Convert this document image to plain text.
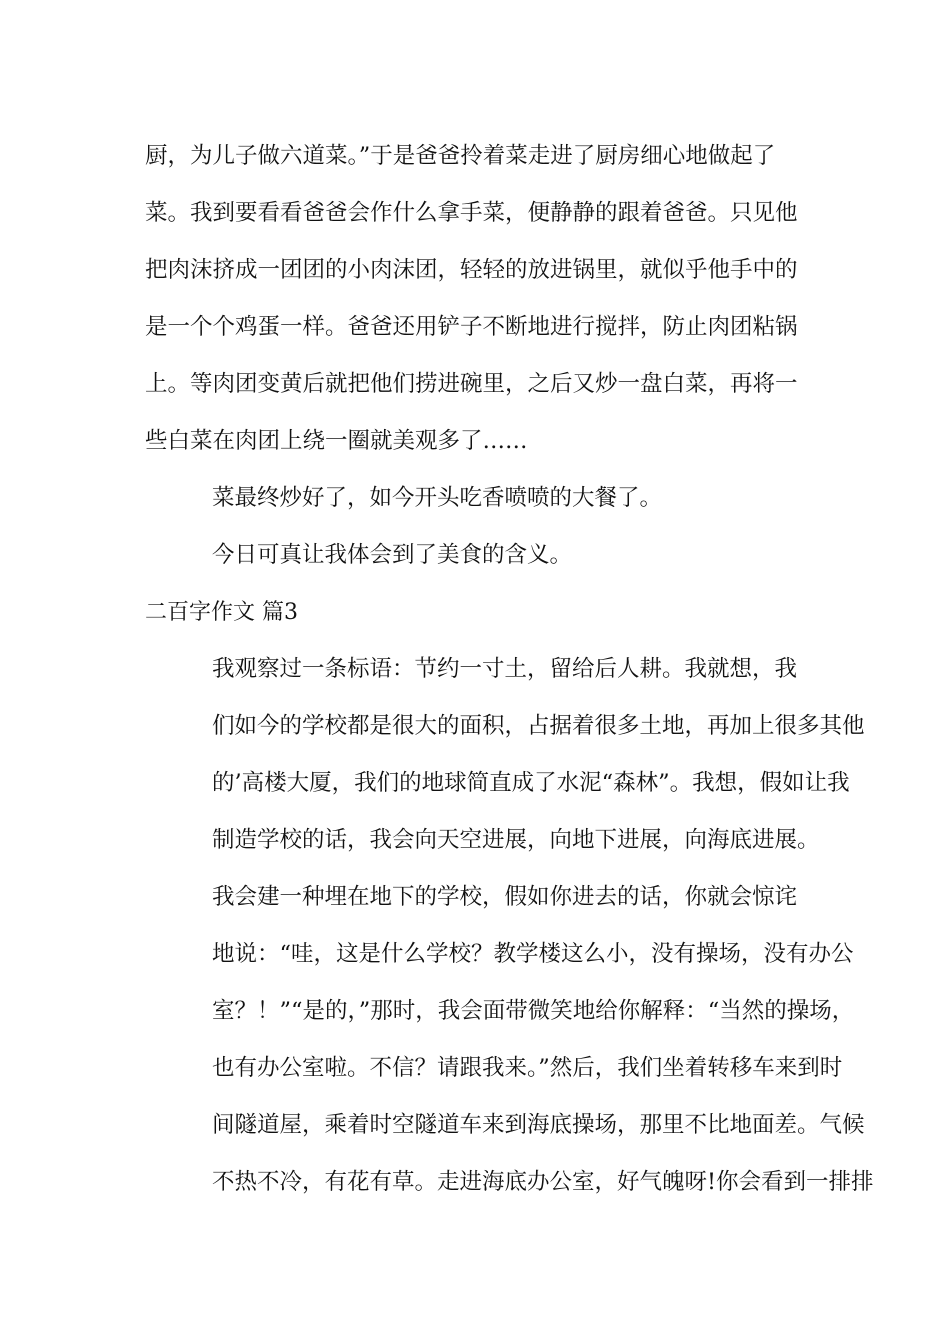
厨，为儿子做六道菜。”于是爸爸拎着菜走进了厨房细心地做起了
菜。我到要看看爸爸会作什么拿手菜，便静静的跟着爸爸。只见他
把肉沫挤成一团团的小肉沫团，轻轻的放进锅里，就似乎他手中的
是一个个鸡蛋一样。爸爸还用铲子不断地进行搅拌，防止肉团粘锅
上。等肉团变黄后就把他们捞进碗里，之后又炒一盘白菜，再将一
些白菜在肉团上绕一圈就美观多了……

菜最终炒好了，如今开头吃香喷喷的大餐了。

今日可真让我体会到了美食的含义。

二百字作文 篇3

我观察过一条标语：节约一寸土，留给后人耕。我就想，我
们如今的学校都是很大的面积，占据着很多土地，再加上很多其他
的’高楼大厦，我们的地球简直成了水泥“森林”。我想，假如让我
制造学校的话，我会向天空进展，向地下进展，向海底进展。

我会建一种埋在地下的学校，假如你进去的话，你就会惊诧
地说：“哇，这是什么学校？教学楼这么小，没有操场，没有办公
室？！”“是的，”那时，我会面带微笑地给你解释：“当然的操场，
也有办公室啦。不信？请跟我来。”然后，我们坐着转移车来到时
间隧道屋，乘着时空隧道车来到海底操场，那里不比地面差。气候
不热不冷，有花有草。走进海底办公室，好气魄呀!你会看到一排排
